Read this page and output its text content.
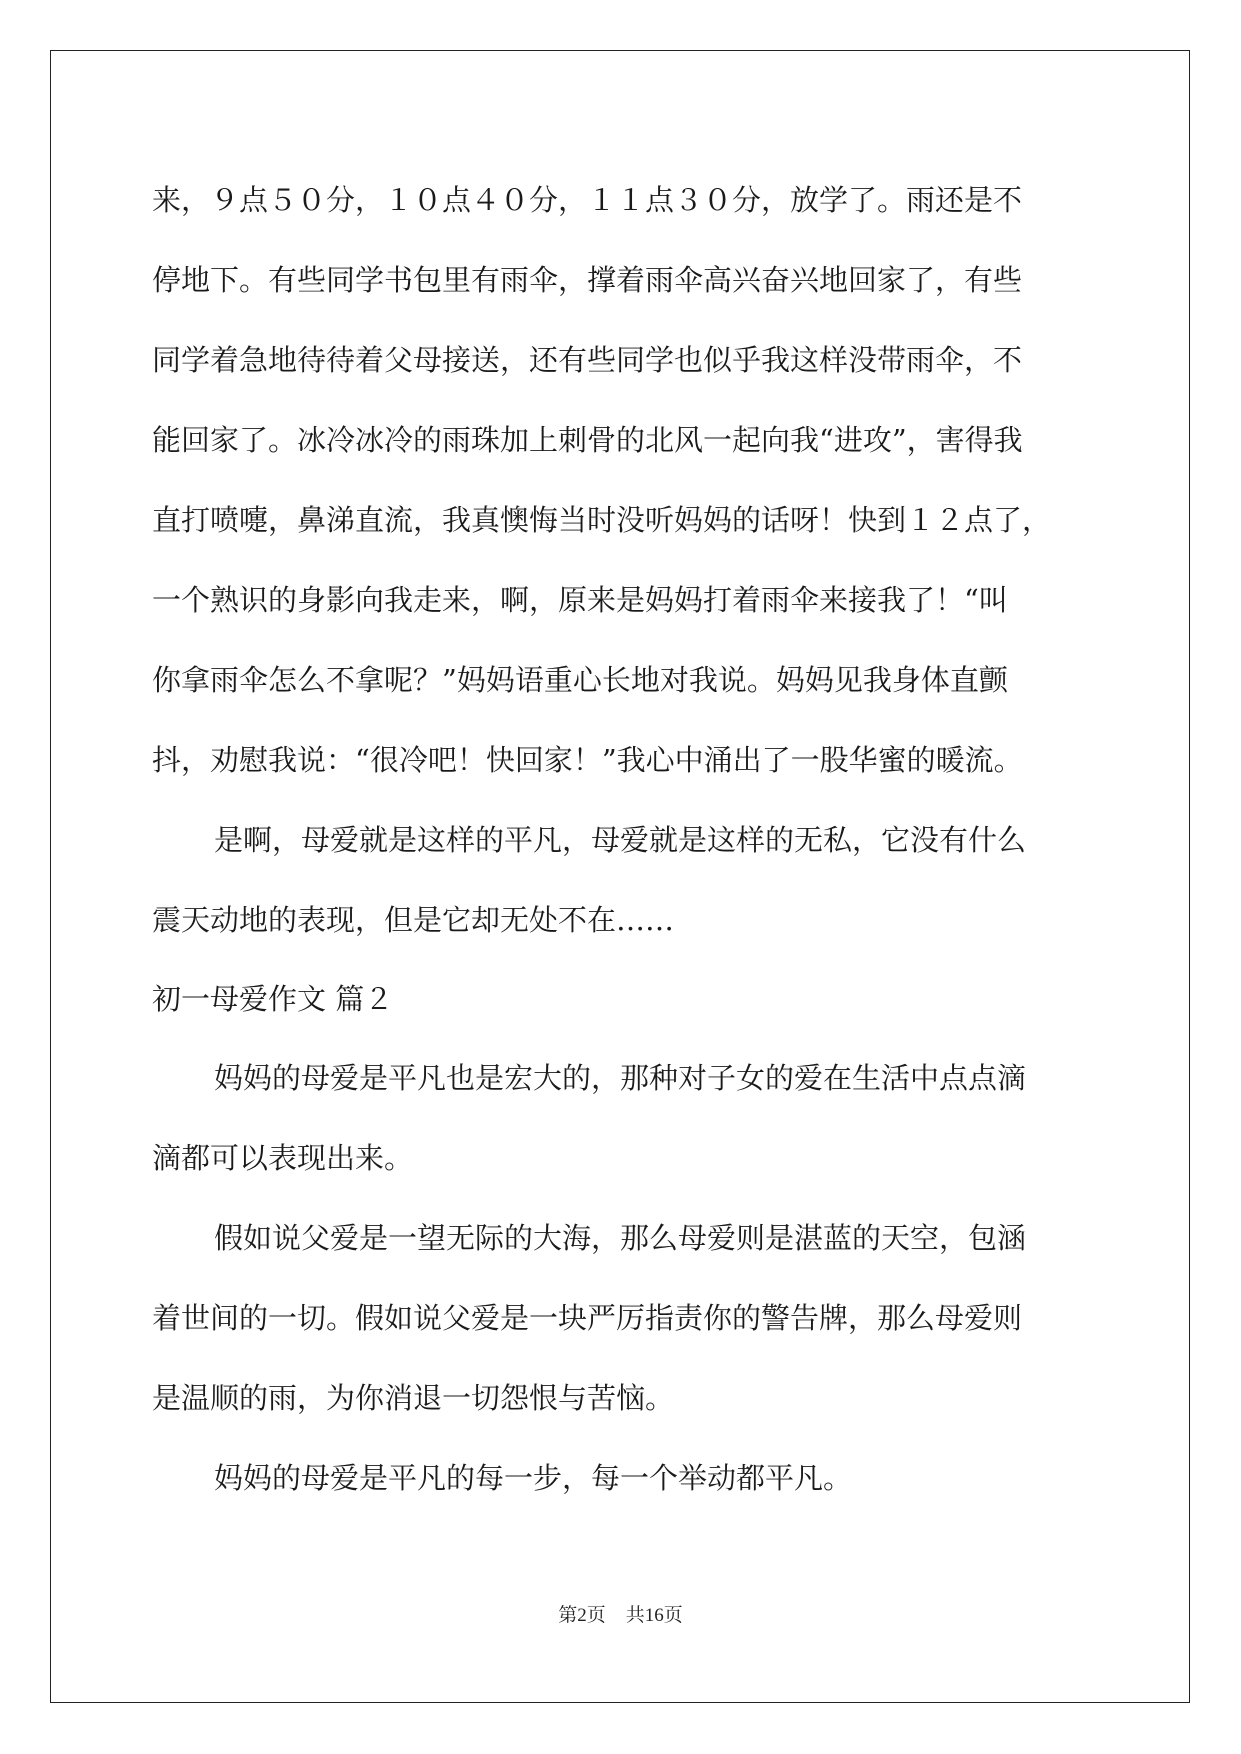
来，９点５０分，１０点４０分，１１点３０分，放学了。雨还是不
停地下。有些同学书包里有雨伞，撑着雨伞高兴奋兴地回家了，有些
同学着急地待待着父母接送，还有些同学也似乎我这样没带雨伞，不
能回家了。冰冷冰冷的雨珠加上刺骨的北风一起向我“进攻”，害得我
直打喷嚏，鼻涕直流，我真懊悔当时没听妈妈的话呀！快到１２点了，
一个熟识的身影向我走来，啊，原来是妈妈打着雨伞来接我了！“叫
你拿雨伞怎么不拿呢？”妈妈语重心长地对我说。妈妈见我身体直颤
抖，劝慰我说：“很冷吧！快回家！”我心中涌出了一股华蜜的暖流。
是啊，母爱就是这样的平凡，母爱就是这样的无私，它没有什么
震天动地的表现，但是它却无处不在……
初一母爱作文 篇２
妈妈的母爱是平凡也是宏大的，那种对子女的爱在生活中点点滴
滴都可以表现出来。
假如说父爱是一望无际的大海，那么母爱则是湛蓝的天空，包涵
着世间的一切。假如说父爱是一块严厉指责你的警告牌，那么母爱则
是温顺的雨，为你消退一切怨恨与苦恼。
妈妈的母爱是平凡的每一步，每一个举动都平凡。
第2页 共16页
